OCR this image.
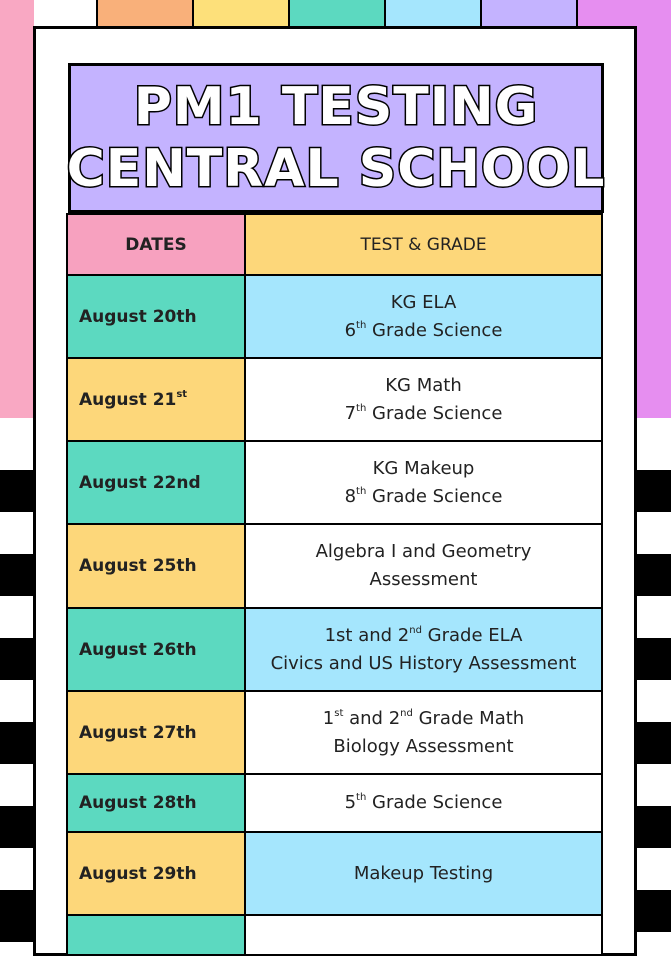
PM1 TESTING
CENTRAL SCHOOL
DATES	TEST & GRADE
August 20th	KG ELA
6th Grade Science

August 21st	KG Math
7th Grade Science

August 22nd	KG Makeup
8th Grade Science

August 25th	Algebra I and Geometry
Assessment

August 26th	1st and 2nd Grade ELA
Civics and US History Assessment

August 27th	1st and 2nd Grade Math
Biology Assessment

August 28th	5th Grade Science

August 29th	Makeup Testing
